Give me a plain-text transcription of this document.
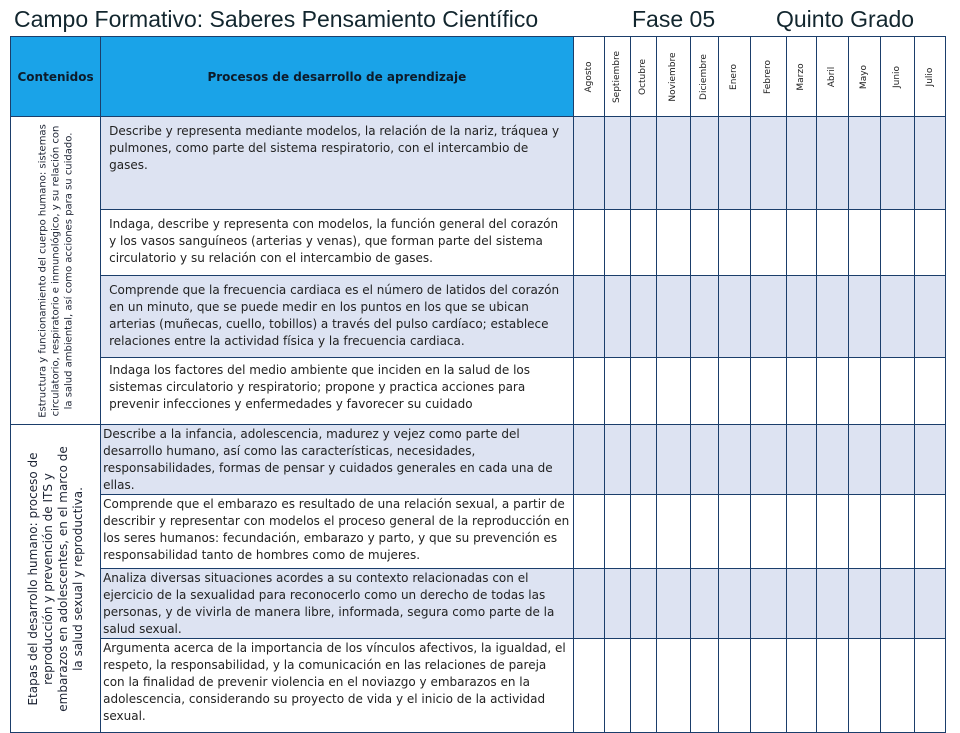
Campo Formativo: Saberes Pensamiento Científico	Fase 05	Quinto Grado
Contenidos	Procesos de desarrollo de aprendizaje	Agosto	Septiembre	Octubre	Noviembre	Diciembre	Enero	Febrero	Marzo	Abril	Mayo	Junio	Julio

Estructura y funcionamiento del cuerpo humano: sistemas circulatorio, respiratorio e inmunológico, y su relación con la salud ambiental, así como acciones para su cuidado.	Describe y representa mediante modelos, la relación de la nariz, tráquea y pulmones, como parte del sistema respiratorio, con el intercambio de gases.												

	Indaga, describe y representa con modelos, la función general del corazón y los vasos sanguíneos (arterias y venas), que forman parte del sistema circulatorio y su relación con el intercambio de gases.												

	Comprende que la frecuencia cardiaca es el número de latidos del corazón en un minuto, que se puede medir en los puntos en los que se ubican arterias (muñecas, cuello, tobillos) a través del pulso cardíaco; establece relaciones entre la actividad física y la frecuencia cardiaca.												

	Indaga los factores del medio ambiente que inciden en la salud de los sistemas circulatorio y respiratorio; propone y practica acciones para prevenir infecciones y enfermedades y favorecer su cuidado												

Etapas del desarrollo humano: proceso de reproducción y prevención de ITS y embarazos en adolescentes, en el marco de la salud sexual y reproductiva.	Describe a la infancia, adolescencia, madurez y vejez como parte del desarrollo humano, así como las características, necesidades, responsabilidades, formas de pensar y cuidados generales en cada una de ellas.												

	Comprende que el embarazo es resultado de una relación sexual, a partir de describir y representar con modelos el proceso general de la reproducción en los seres humanos: fecundación, embarazo y parto, y que su prevención es responsabilidad tanto de hombres como de mujeres.												

	Analiza diversas situaciones acordes a su contexto relacionadas con el ejercicio de la sexualidad para reconocerlo como un derecho de todas las personas, y de vivirla de manera libre, informada, segura como parte de la salud sexual.												

	Argumenta acerca de la importancia de los vínculos afectivos, la igualdad, el respeto, la responsabilidad, y la comunicación en las relaciones de pareja con la finalidad de prevenir violencia en el noviazgo y embarazos en la adolescencia, considerando su proyecto de vida y el inicio de la actividad sexual.												
